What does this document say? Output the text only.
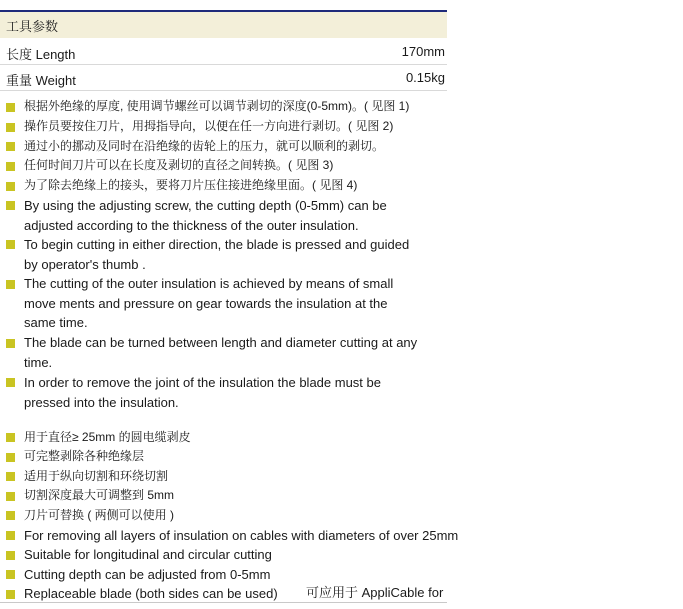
工具参数
长度 Length	170mm
重量 Weight	0.15kg
根据外绝缘的厚度, 使用调节螺丝可以调节剥切的深度(0-5mm)。( 见图 1)
操作员要按住刀片，用拇指导向，以便在任一方向进行剥切。( 见图 2)
通过小的挪动及同时在沿绝缘的齿轮上的压力，就可以顺利的剥切。
任何时间刀片可以在长度及剥切的直径之间转换。( 见图 3)
为了除去绝缘上的接头，要将刀片压住接进绝缘里面。( 见图 4)
By using the adjusting screw, the cutting depth (0-5mm) can be
adjusted according to the thickness of the outer insulation.
To begin cutting in either direction, the blade is pressed and guided
by operator's thumb .
The cutting of the outer insulation is achieved by means of small
move ments and pressure on gear towards the insulation at the
same time.
The blade can be turned between length and diameter cutting at any
time.
In order to remove the joint of the insulation the blade must be
pressed into the insulation.
用于直径≥ 25mm 的圆电缆剥皮
可完整剥除各种绝缘层
适用于纵向切割和环绕切割
切割深度最大可调整到 5mm
刀片可替换 ( 两侧可以使用 )
For removing all layers of insulation on cables with diameters of over 25mm
Suitable for longitudinal and circular cutting
Cutting depth can be adjusted from 0-5mm
Replaceable blade (both sides can be used) 可应用于 AppliCable for
